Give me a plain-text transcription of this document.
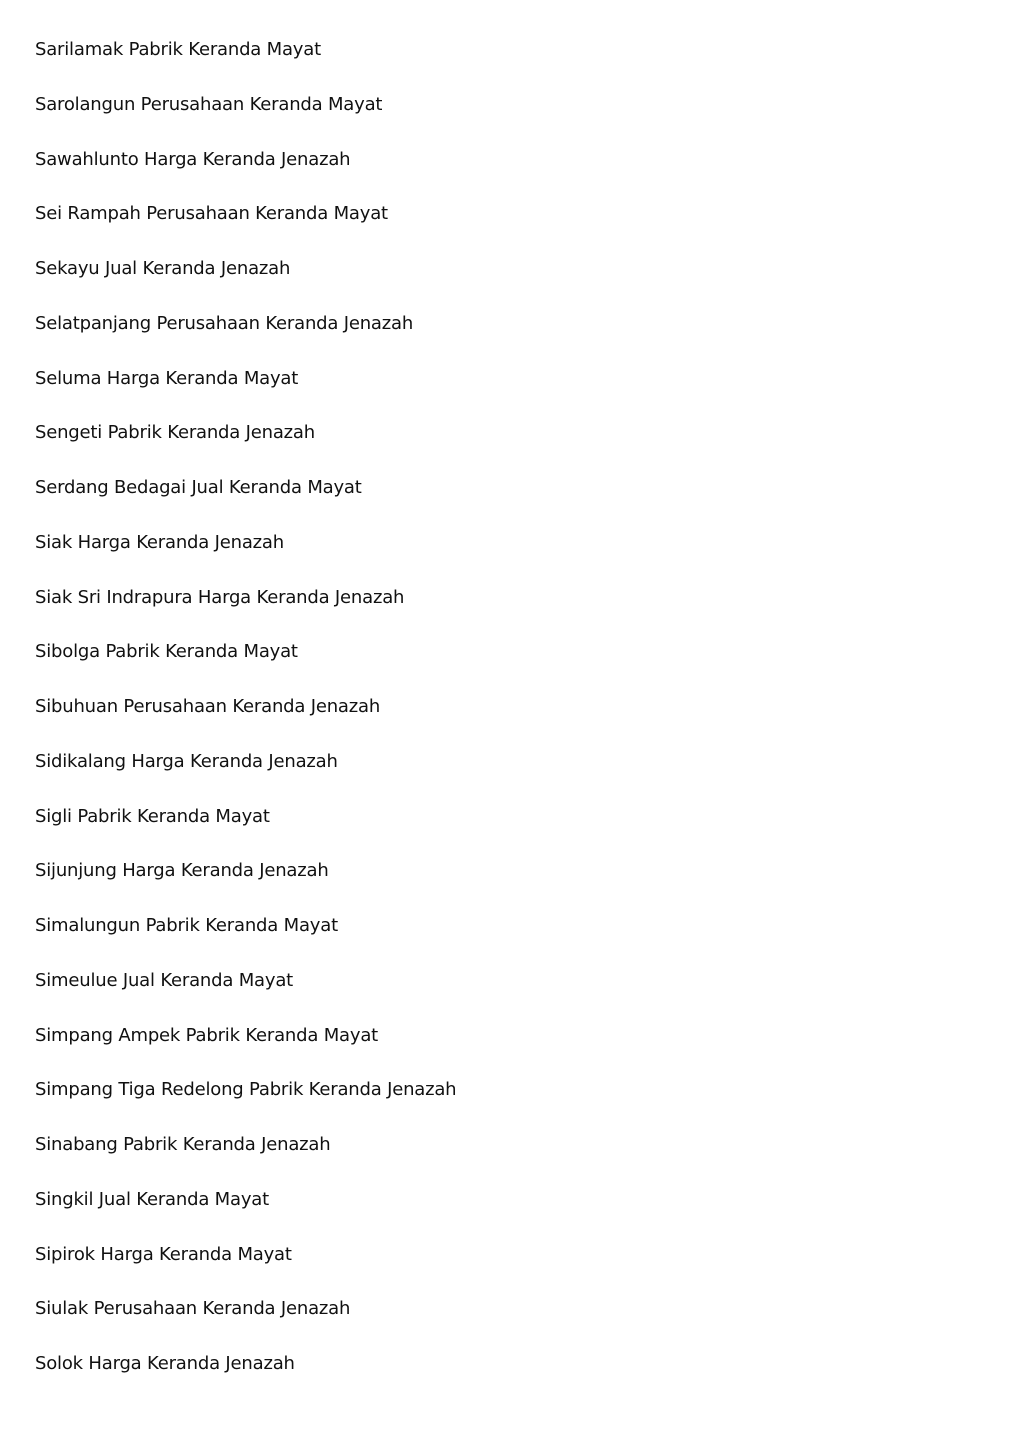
Sarilamak Pabrik Keranda Mayat
Sarolangun Perusahaan Keranda Mayat
Sawahlunto Harga Keranda Jenazah
Sei Rampah Perusahaan Keranda Mayat
Sekayu Jual Keranda Jenazah
Selatpanjang Perusahaan Keranda Jenazah
Seluma Harga Keranda Mayat
Sengeti Pabrik Keranda Jenazah
Serdang Bedagai Jual Keranda Mayat
Siak Harga Keranda Jenazah
Siak Sri Indrapura Harga Keranda Jenazah
Sibolga Pabrik Keranda Mayat
Sibuhuan Perusahaan Keranda Jenazah
Sidikalang Harga Keranda Jenazah
Sigli Pabrik Keranda Mayat
Sijunjung Harga Keranda Jenazah
Simalungun Pabrik Keranda Mayat
Simeulue Jual Keranda Mayat
Simpang Ampek Pabrik Keranda Mayat
Simpang Tiga Redelong Pabrik Keranda Jenazah
Sinabang Pabrik Keranda Jenazah
Singkil Jual Keranda Mayat
Sipirok Harga Keranda Mayat
Siulak Perusahaan Keranda Jenazah
Solok Harga Keranda Jenazah
